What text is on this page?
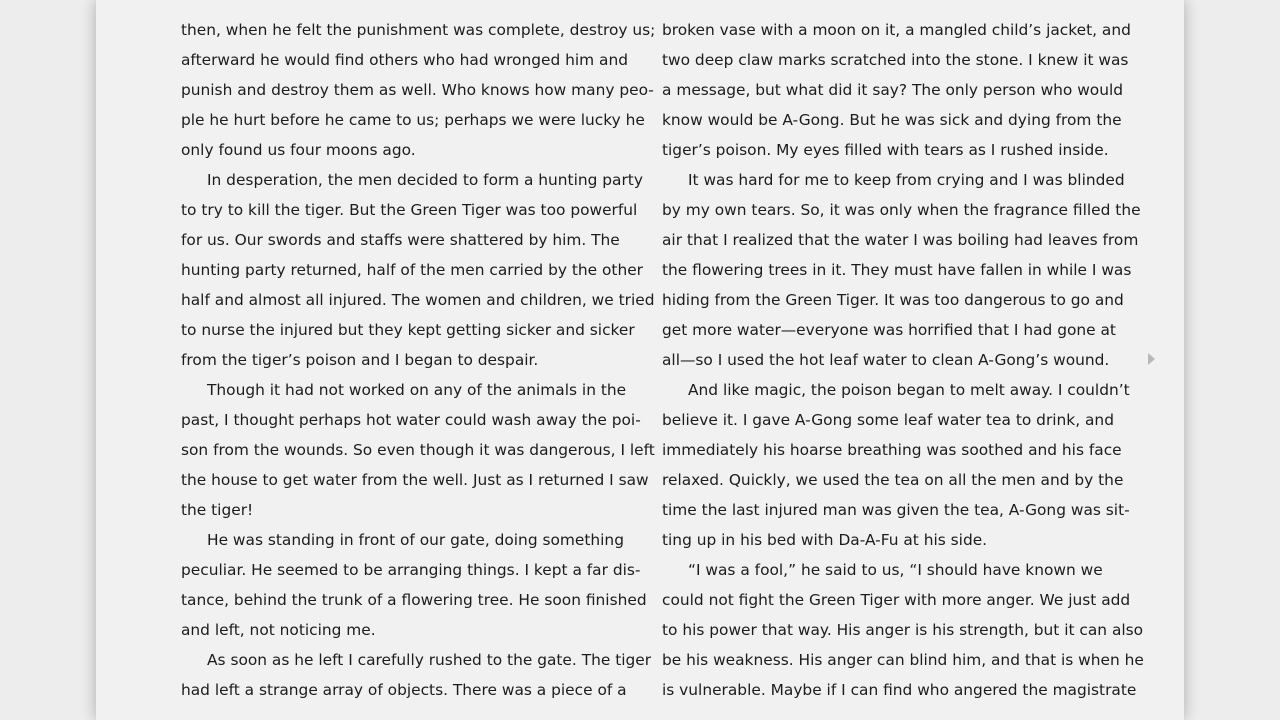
then, when he felt the punishment was complete, destroy us;
afterward he would find others who had wronged him and
punish and destroy them as well. Who knows how many peo-
ple he hurt before he came to us; perhaps we were lucky he
only found us four moons ago.
In desperation, the men decided to form a hunting party
to try to kill the tiger. But the Green Tiger was too powerful
for us. Our swords and staffs were shattered by him. The
hunting party returned, half of the men carried by the other
half and almost all injured. The women and children, we tried
to nurse the injured but they kept getting sicker and sicker
from the tiger’s poison and I began to despair.
Though it had not worked on any of the animals in the
past, I thought perhaps hot water could wash away the poi-
son from the wounds. So even though it was dangerous, I left
the house to get water from the well. Just as I returned I saw
the tiger!
He was standing in front of our gate, doing something
peculiar. He seemed to be arranging things. I kept a far dis-
tance, behind the trunk of a flowering tree. He soon finished
and left, not noticing me.
As soon as he left I carefully rushed to the gate. The tiger
had left a strange array of objects. There was a piece of a
broken vase with a moon on it, a mangled child’s jacket, and
two deep claw marks scratched into the stone. I knew it was
a message, but what did it say? The only person who would
know would be A-Gong. But he was sick and dying from the
tiger’s poison. My eyes filled with tears as I rushed inside.
It was hard for me to keep from crying and I was blinded
by my own tears. So, it was only when the fragrance filled the
air that I realized that the water I was boiling had leaves from
the flowering trees in it. They must have fallen in while I was
hiding from the Green Tiger. It was too dangerous to go and
get more water—everyone was horrified that I had gone at
all—so I used the hot leaf water to clean A-Gong’s wound.
And like magic, the poison began to melt away. I couldn’t
believe it. I gave A-Gong some leaf water tea to drink, and
immediately his hoarse breathing was soothed and his face
relaxed. Quickly, we used the tea on all the men and by the
time the last injured man was given the tea, A-Gong was sit-
ting up in his bed with Da-A-Fu at his side.
“I was a fool,” he said to us, “I should have known we
could not fight the Green Tiger with more anger. We just add
to his power that way. His anger is his strength, but it can also
be his weakness. His anger can blind him, and that is when he
is vulnerable. Maybe if I can find who angered the magistrate
